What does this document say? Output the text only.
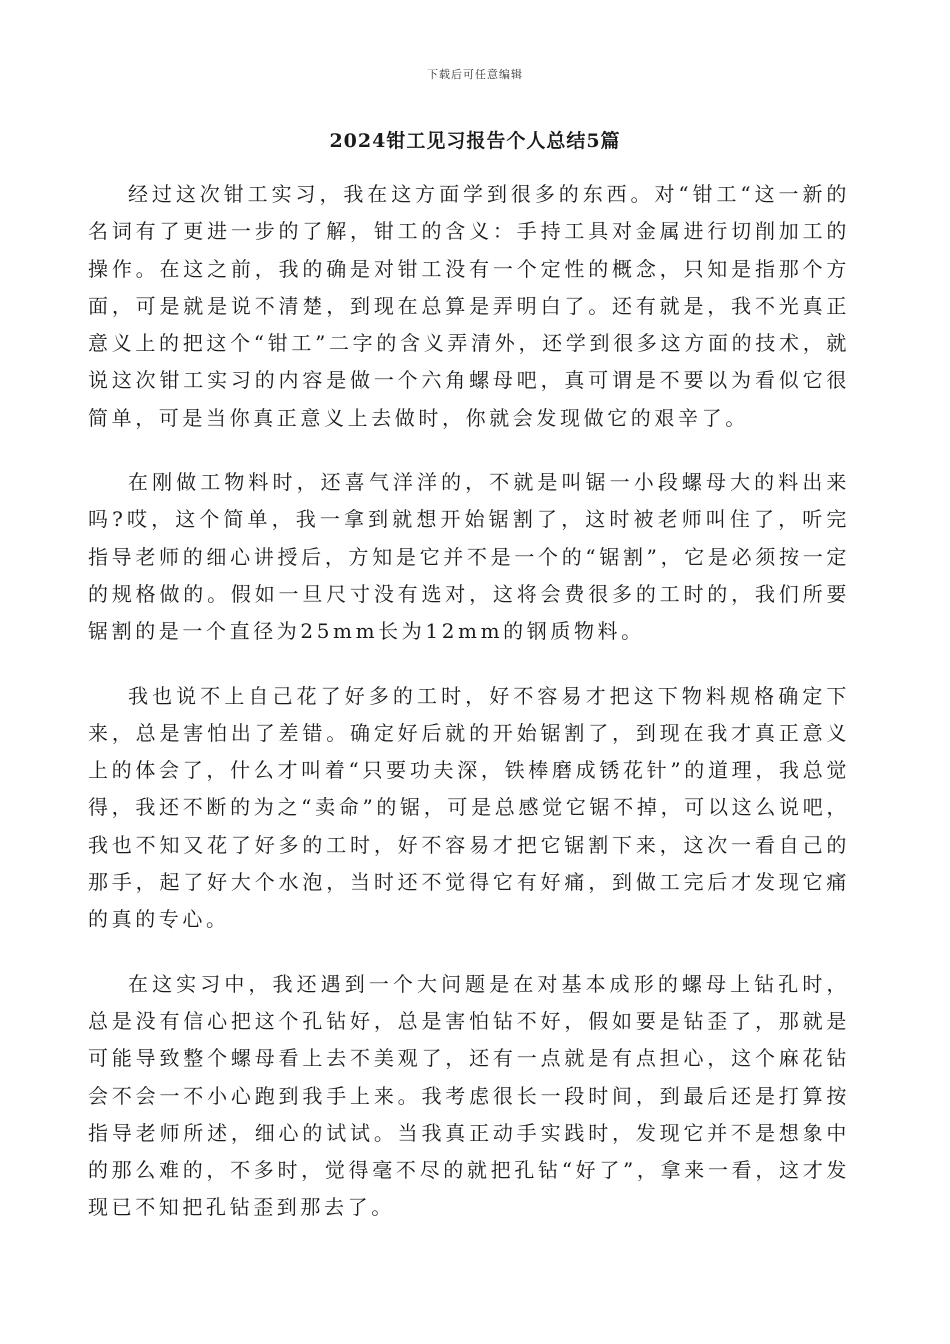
下载后可任意编辑
2024钳工见习报告个人总结5篇

经过这次钳工实习，我在这方面学到很多的东西。对“钳工“这一新的名词有了更进一步的了解，钳工的含义：手持工具对金属进行切削加工的操作。在这之前，我的确是对钳工没有一个定性的概念，只知是指那个方面，可是就是说不清楚，到现在总算是弄明白了。还有就是，我不光真正意义上的把这个“钳工”二字的含义弄清外，还学到很多这方面的技术，就说这次钳工实习的内容是做一个六角螺母吧，真可谓是不要以为看似它很简单，可是当你真正意义上去做时，你就会发现做它的艰辛了。

在刚做工物料时，还喜气洋洋的，不就是叫锯一小段螺母大的料出来吗?哎，这个简单，我一拿到就想开始锯割了，这时被老师叫住了，听完指导老师的细心讲授后，方知是它并不是一个的“锯割”，它是必须按一定的规格做的。假如一旦尺寸没有选对，这将会费很多的工时的，我们所要锯割的是一个直径为25mm长为12mm的钢质物料。

我也说不上自己花了好多的工时，好不容易才把这下物料规格确定下来，总是害怕出了差错。确定好后就的开始锯割了，到现在我才真正意义上的体会了，什么才叫着“只要功夫深，铁棒磨成锈花针”的道理，我总觉得，我还不断的为之“卖命”的锯，可是总感觉它锯不掉，可以这么说吧，我也不知又花了好多的工时，好不容易才把它锯割下来，这次一看自己的那手，起了好大个水泡，当时还不觉得它有好痛，到做工完后才发现它痛的真的专心。

在这实习中，我还遇到一个大问题是在对基本成形的螺母上钻孔时，总是没有信心把这个孔钻好，总是害怕钻不好，假如要是钻歪了，那就是可能导致整个螺母看上去不美观了，还有一点就是有点担心，这个麻花钻会不会一不小心跑到我手上来。我考虑很长一段时间，到最后还是打算按指导老师所述，细心的试试。当我真正动手实践时，发现它并不是想象中的那么难的，不多时，觉得毫不尽的就把孔钻“好了”，拿来一看，这才发现已不知把孔钻歪到那去了。
